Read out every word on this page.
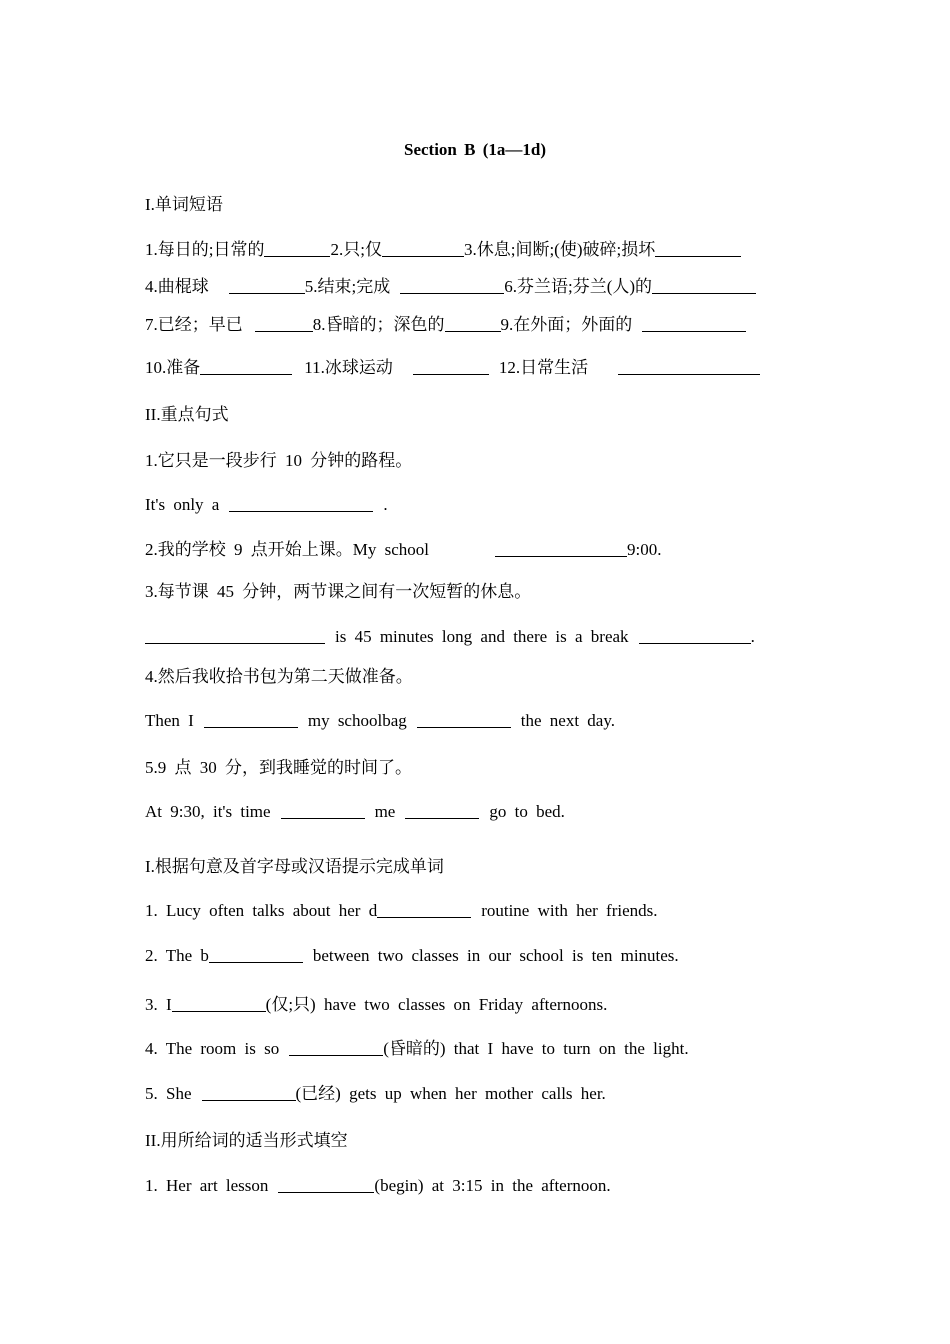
Section B (1a—1d)
I.单词短语
1.每日的;日常的	2.只;仅	3.休息;间断;(使)破碎;损坏
4.曲棍球	5.结束;完成	6.芬兰语;芬兰(人)的
7.已经；早已	8.昏暗的；深色的	9.在外面；外面的
10.准备	11.冰球运动	12.日常生活
II.重点句式
1.它只是一段步行 10 分钟的路程。
It's only a	.
2.我的学校 9 点开始上课。My school	9:00.
3.每节课 45 分钟，两节课之间有一次短暂的休息。
is 45 minutes long and there is a break	.
4.然后我收拾书包为第二天做准备。
Then I	my schoolbag	the next day.
5.9 点 30 分，到我睡觉的时间了。
At 9:30, it's time	me	go to bed.
I.根据句意及首字母或汉语提示完成单词
1. Lucy often talks about her d	routine with her friends.
2. The b	between two classes in our school is ten minutes.
3. I	(仅;只) have two classes on Friday afternoons.
4. The room is so	(昏暗的) that I have to turn on the light.
5. She	(已经) gets up when her mother calls her.
II.用所给词的适当形式填空
1. Her art lesson	(begin) at 3:15 in the afternoon.
